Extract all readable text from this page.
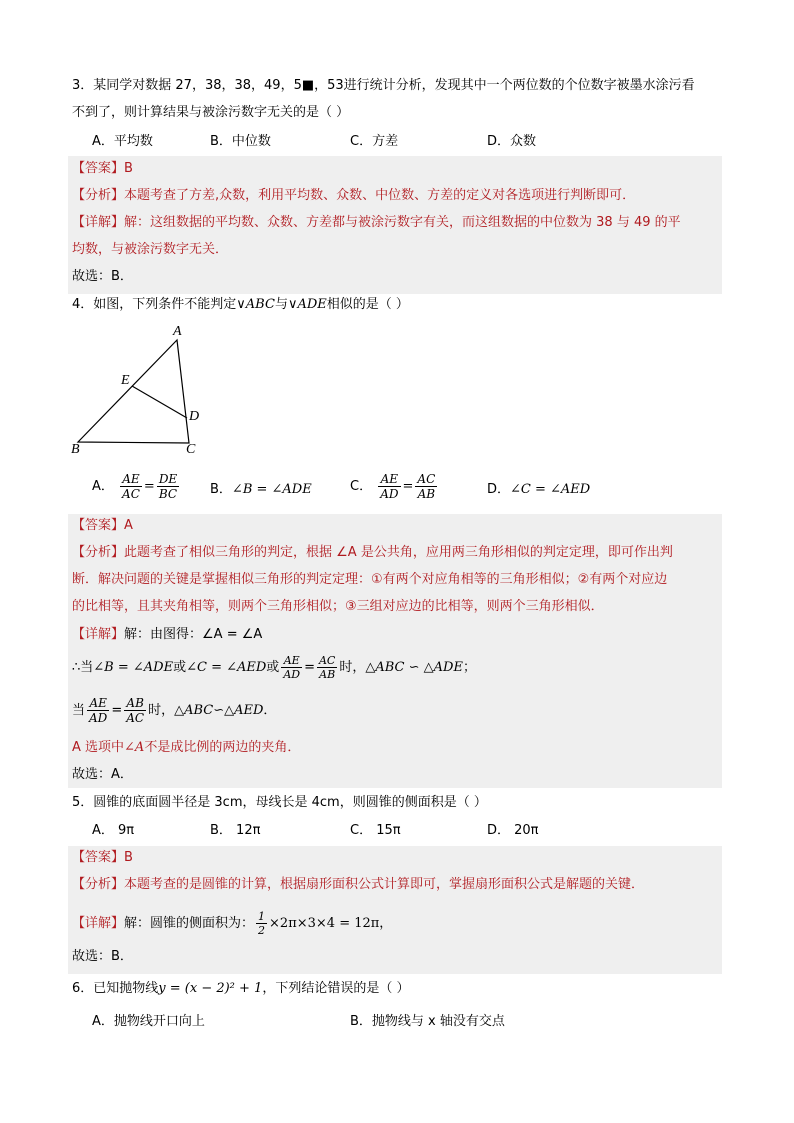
3．某同学对数据 27，38，38，49，5■，53进行统计分析，发现其中一个两位数的个位数字被墨水涂污看
不到了，则计算结果与被涂污数字无关的是（ ）
A．平均数	B．中位数	C．方差	D．众数
【答案】B
【分析】本题考查了方差,众数，利用平均数、众数、中位数、方差的定义对各选项进行判断即可．
【详解】解：这组数据的平均数、众数、方差都与被涂污数字有关，而这组数据的中位数为 38 与 49 的平
均数，与被涂污数字无关．
故选：B．
4．如图，下列条件不能判定∨ABC与∨ADE相似的是（ ）
A
E
D
B	C
A． $\frac{AE}{AC} = \frac{DE}{BC}$ B．∠B = ∠ADE	C． $\frac{AE}{AD} = \frac{AC}{AB}$	D．∠C = ∠AED
【答案】A
【分析】此题考查了相似三角形的判定，根据 ∠A 是公共角，应用两三角形相似的判定定理，即可作出判
断．解决问题的关键是掌握相似三角形的判定定理：①有两个对应角相等的三角形相似；②有两个对应边
的比相等，且其夹角相等，则两个三角形相似；③三组对应边的比相等，则两个三角形相似．
【详解】解：由图得：∠A = ∠A
∴当∠B = ∠ADE或∠C = ∠AED或 $\frac{AE}{AD} = \frac{AC}{AB}$ 时，△ABC ∽ △ADE；
当 $\frac{AE}{AD} = \frac{AB}{AC}$ 时，△ABC∽△AED．
A 选项中∠A不是成比例的两边的夹角．
故选：A．
5．圆锥的底面圆半径是 3cm，母线长是 4cm，则圆锥的侧面积是（ ）
A． 9π	B． 12π	C． 15π	D． 20π
【答案】B
【分析】本题考查的是圆锥的计算，根据扇形面积公式计算即可，掌握扇形面积公式是解题的关键．
【详解】解：圆锥的侧面积为： $\frac{1}{2} \times 2\pi\times 3\times 4 = 12\pi$，
故选：B．
6．已知抛物线y = (x − 2)² + 1，下列结论错误的是（ ）
A．抛物线开口向上	B．抛物线与 x 轴没有交点
